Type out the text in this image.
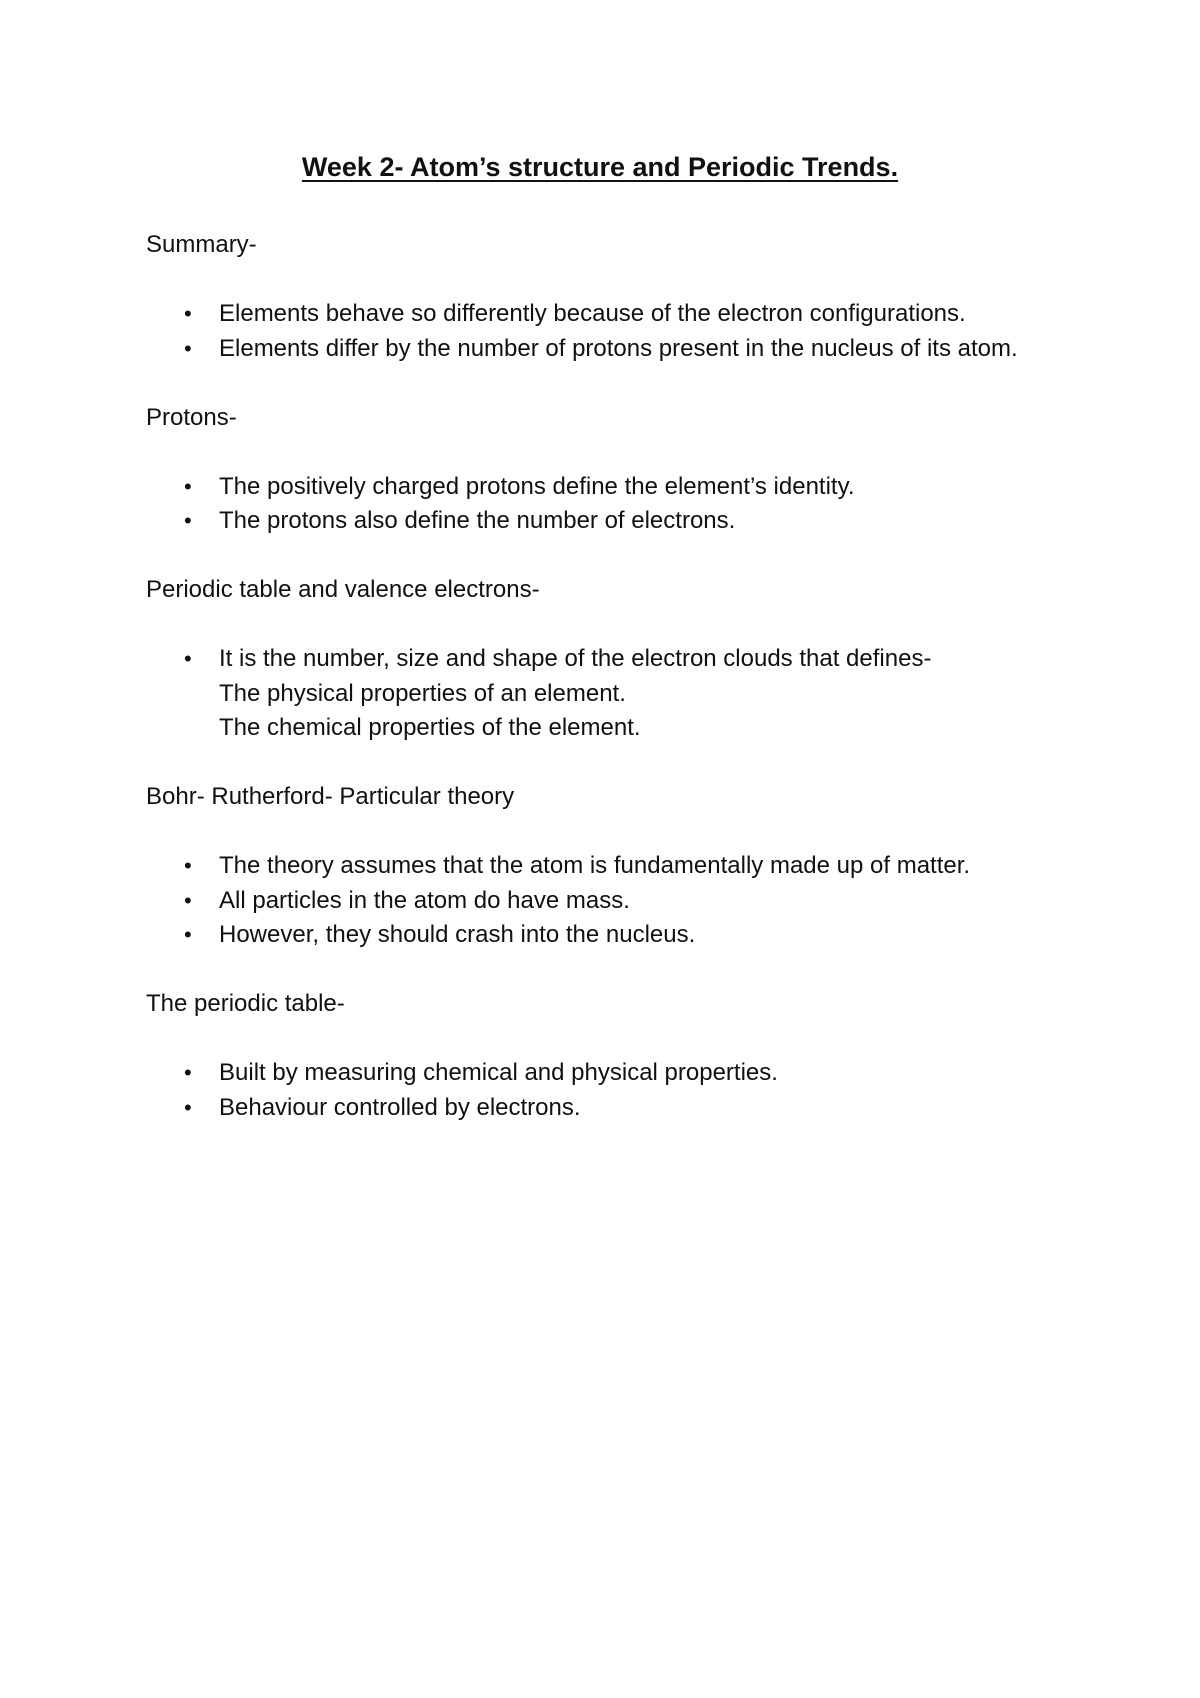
Week 2- Atom’s structure and Periodic Trends.

Summary-

• Elements behave so differently because of the electron configurations.
• Elements differ by the number of protons present in the nucleus of its atom.

Protons-

• The positively charged protons define the element’s identity.
• The protons also define the number of electrons.

Periodic table and valence electrons-

• It is the number, size and shape of the electron clouds that defines-
The physical properties of an element.
The chemical properties of the element.

Bohr- Rutherford- Particular theory

• The theory assumes that the atom is fundamentally made up of matter.
• All particles in the atom do have mass.
• However, they should crash into the nucleus.

The periodic table-

• Built by measuring chemical and physical properties.
• Behaviour controlled by electrons.
